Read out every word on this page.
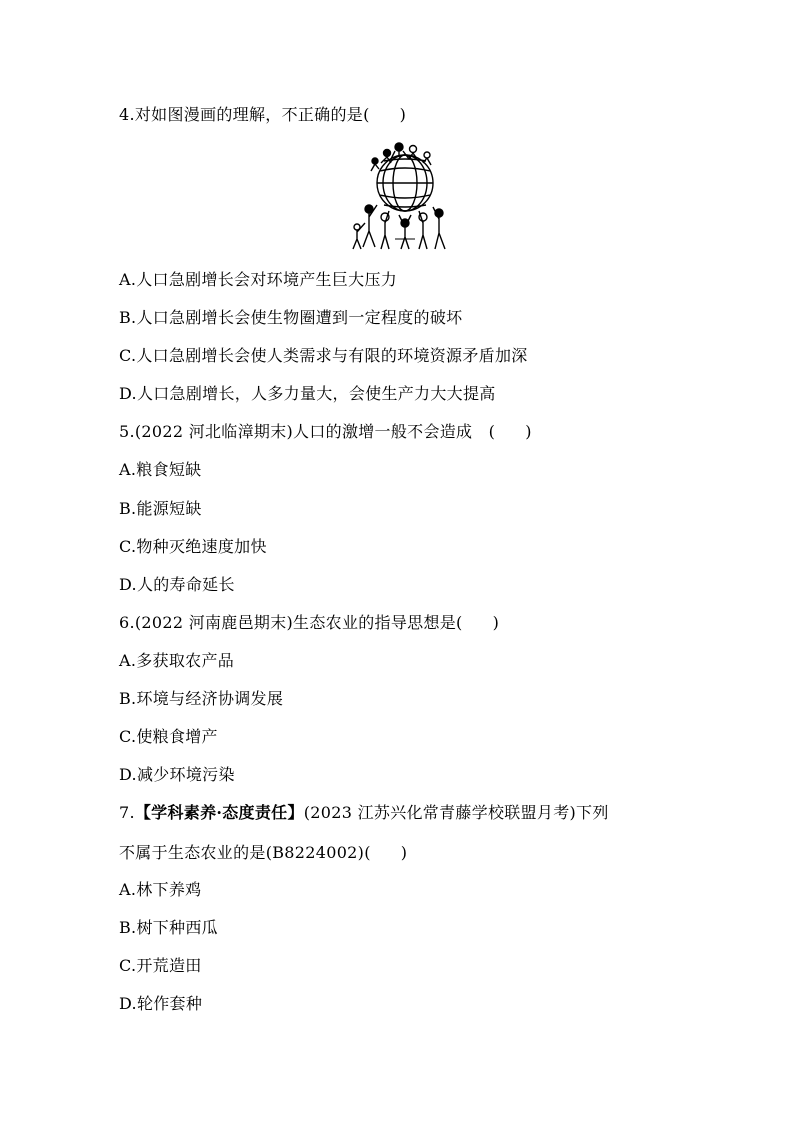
4.对如图漫画的理解，不正确的是( )
A.人口急剧增长会对环境产生巨大压力
B.人口急剧增长会使生物圈遭到一定程度的破坏
C.人口急剧增长会使人类需求与有限的环境资源矛盾加深
D.人口急剧增长，人多力量大，会使生产力大大提高
5.(2022 河北临漳期末)人口的激增一般不会造成　( )
A.粮食短缺
B.能源短缺
C.物种灭绝速度加快
D.人的寿命延长
6.(2022 河南鹿邑期末)生态农业的指导思想是( )
A.多获取农产品
B.环境与经济协调发展
C.使粮食增产
D.减少环境污染
7.【学科素养·态度责任】(2023 江苏兴化常青藤学校联盟月考)下列
不属于生态农业的是(B8224002)( )
A.林下养鸡
B.树下种西瓜
C.开荒造田
D.轮作套种
